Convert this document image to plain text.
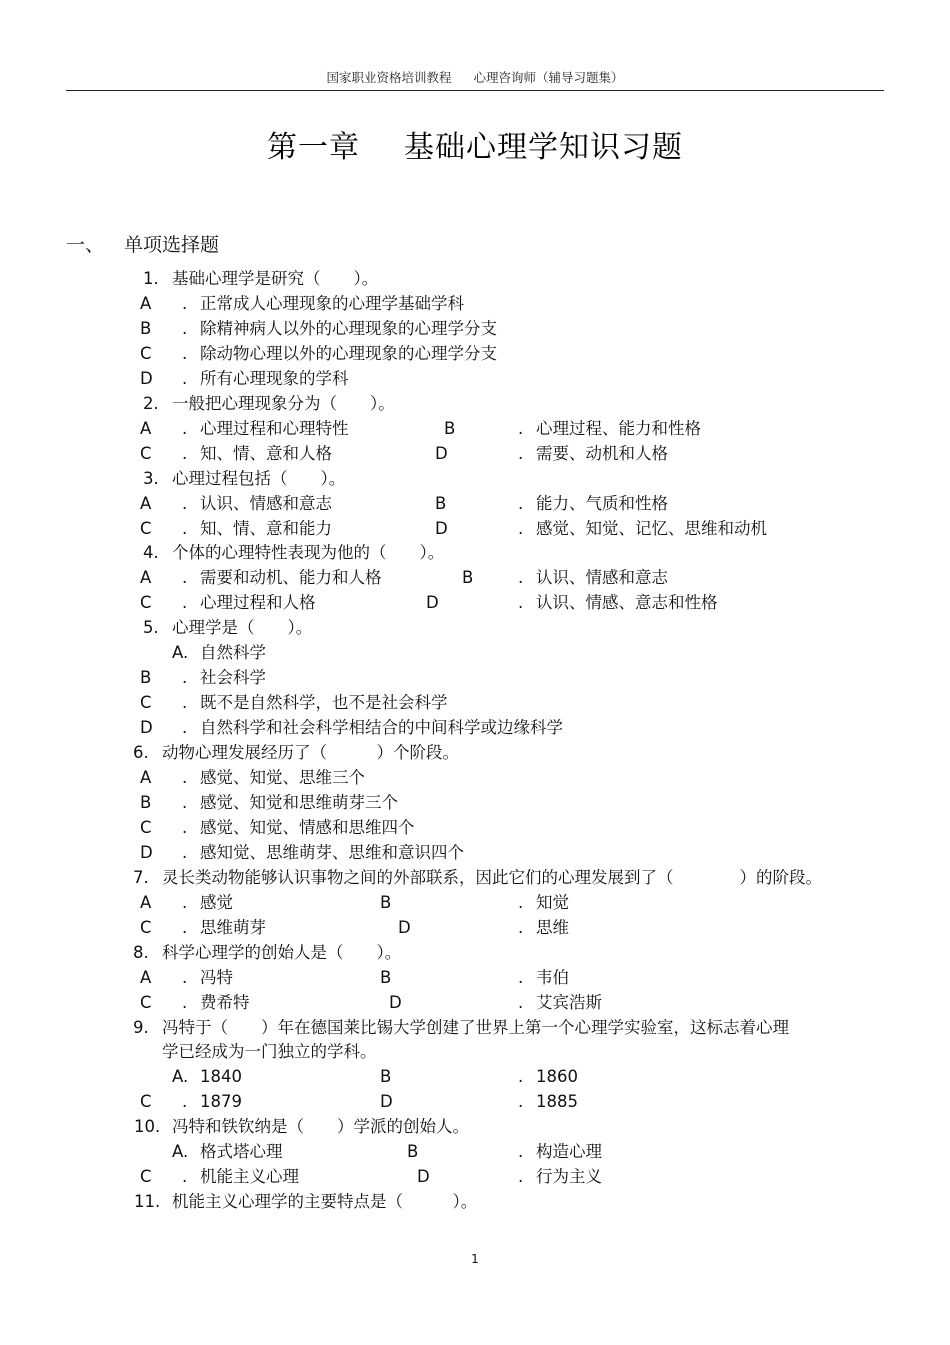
国家职业资格培训教程 心理咨询师（辅导习题集）
第一章 基础心理学知识习题
一、 单项选择题
1. 基础心理学是研究（　　）。
A . 正常成人心理现象的心理学基础学科
B . 除精神病人以外的心理现象的心理学分支
C . 除动物心理以外的心理现象的心理学分支
D . 所有心理现象的学科
2. 一般把心理现象分为（　　）。
A . 心理过程和心理特性	B	. 心理过程、能力和性格
C . 知、情、意和人格	D	. 需要、动机和人格
3. 心理过程包括（　　）。
A . 认识、情感和意志	B	. 能力、气质和性格
C . 知、情、意和能力	D	. 感觉、知觉、记忆、思维和动机
4. 个体的心理特性表现为他的（　　）。
A . 需要和动机、能力和人格	B	. 认识、情感和意志
C . 心理过程和人格	D	. 认识、情感、意志和性格
5. 心理学是（　　）。
A. 自然科学
B . 社会科学
C . 既不是自然科学，也不是社会科学
D . 自然科学和社会科学相结合的中间科学或边缘科学
6. 动物心理发展经历了（　　　）个阶段。
A . 感觉、知觉、思维三个
B . 感觉、知觉和思维萌芽三个
C . 感觉、知觉、情感和思维四个
D . 感知觉、思维萌芽、思维和意识四个
7. 灵长类动物能够认识事物之间的外部联系，因此它们的心理发展到了（　　　　）的阶段。
A . 感觉	B	. 知觉
C . 思维萌芽	D	. 思维
8. 科学心理学的创始人是（　　）。
A . 冯特	B	. 韦伯
C . 费希特	D	. 艾宾浩斯
9. 冯特于（　　）年在德国莱比锡大学创建了世界上第一个心理学实验室，这标志着心理
学已经成为一门独立的学科。
A. 1840	B	. 1860
C . 1879	D	. 1885
10. 冯特和铁钦纳是（　　）学派的创始人。
A. 格式塔心理	B	. 构造心理
C . 机能主义心理	D	. 行为主义
11. 机能主义心理学的主要特点是（　　　）。
1
